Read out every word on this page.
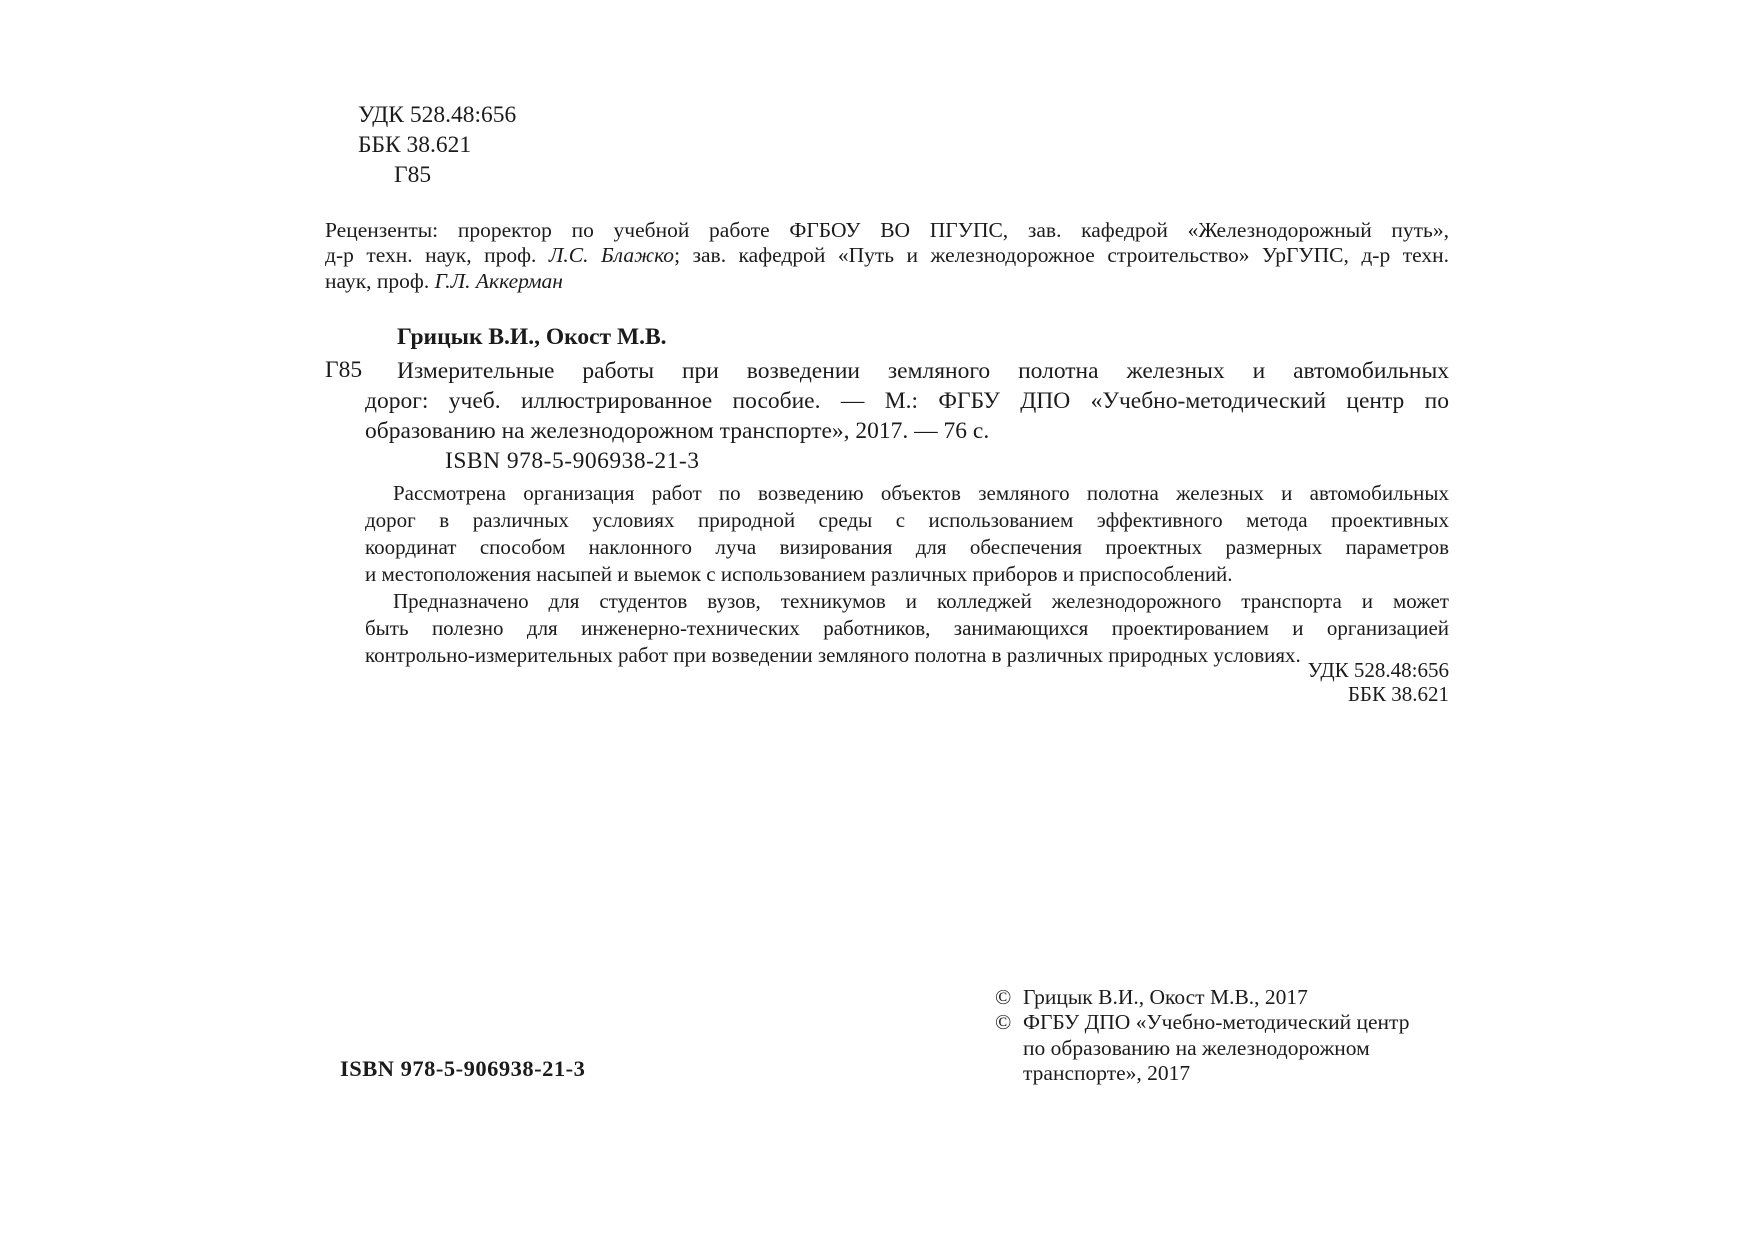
УДК 528.48:656
ББК 38.621
Г85
Рецензенты: проректор по учебной работе ФГБОУ ВО ПГУПС, зав. кафедрой «Железнодорожный путь»,
д-р техн. наук, проф. Л.С. Блажко; зав. кафедрой «Путь и железнодорожное строительство» УрГУПС, д-р техн.
наук, проф. Г.Л. Аккерман
Грицык В.И., Окост М.В.
Г85	Измерительные работы при возведении земляного полотна железных и автомобильных
дорог: учеб. иллюстрированное пособие. — М.: ФГБУ ДПО «Учебно-методический центр по
образованию на железнодорожном транспорте», 2017. — 76 с.
ISBN 978-5-906938-21-3
Рассмотрена организация работ по возведению объектов земляного полотна железных и автомобильных
дорог в различных условиях природной среды с использованием эффективного метода проективных
координат способом наклонного луча визирования для обеспечения проектных размерных параметров
и местоположения насыпей и выемок с использованием различных приборов и приспособлений.
Предназначено для студентов вузов, техникумов и колледжей железнодорожного транспорта и может
быть полезно для инженерно-технических работников, занимающихся проектированием и организацией
контрольно-измерительных работ при возведении земляного полотна в различных природных условиях.
УДК 528.48:656
ББК 38.621
© Грицык В.И., Окост М.В., 2017
© ФГБУ ДПО «Учебно-методический центр
по образованию на железнодорожном
транспорте», 2017
ISBN 978-5-906938-21-3
